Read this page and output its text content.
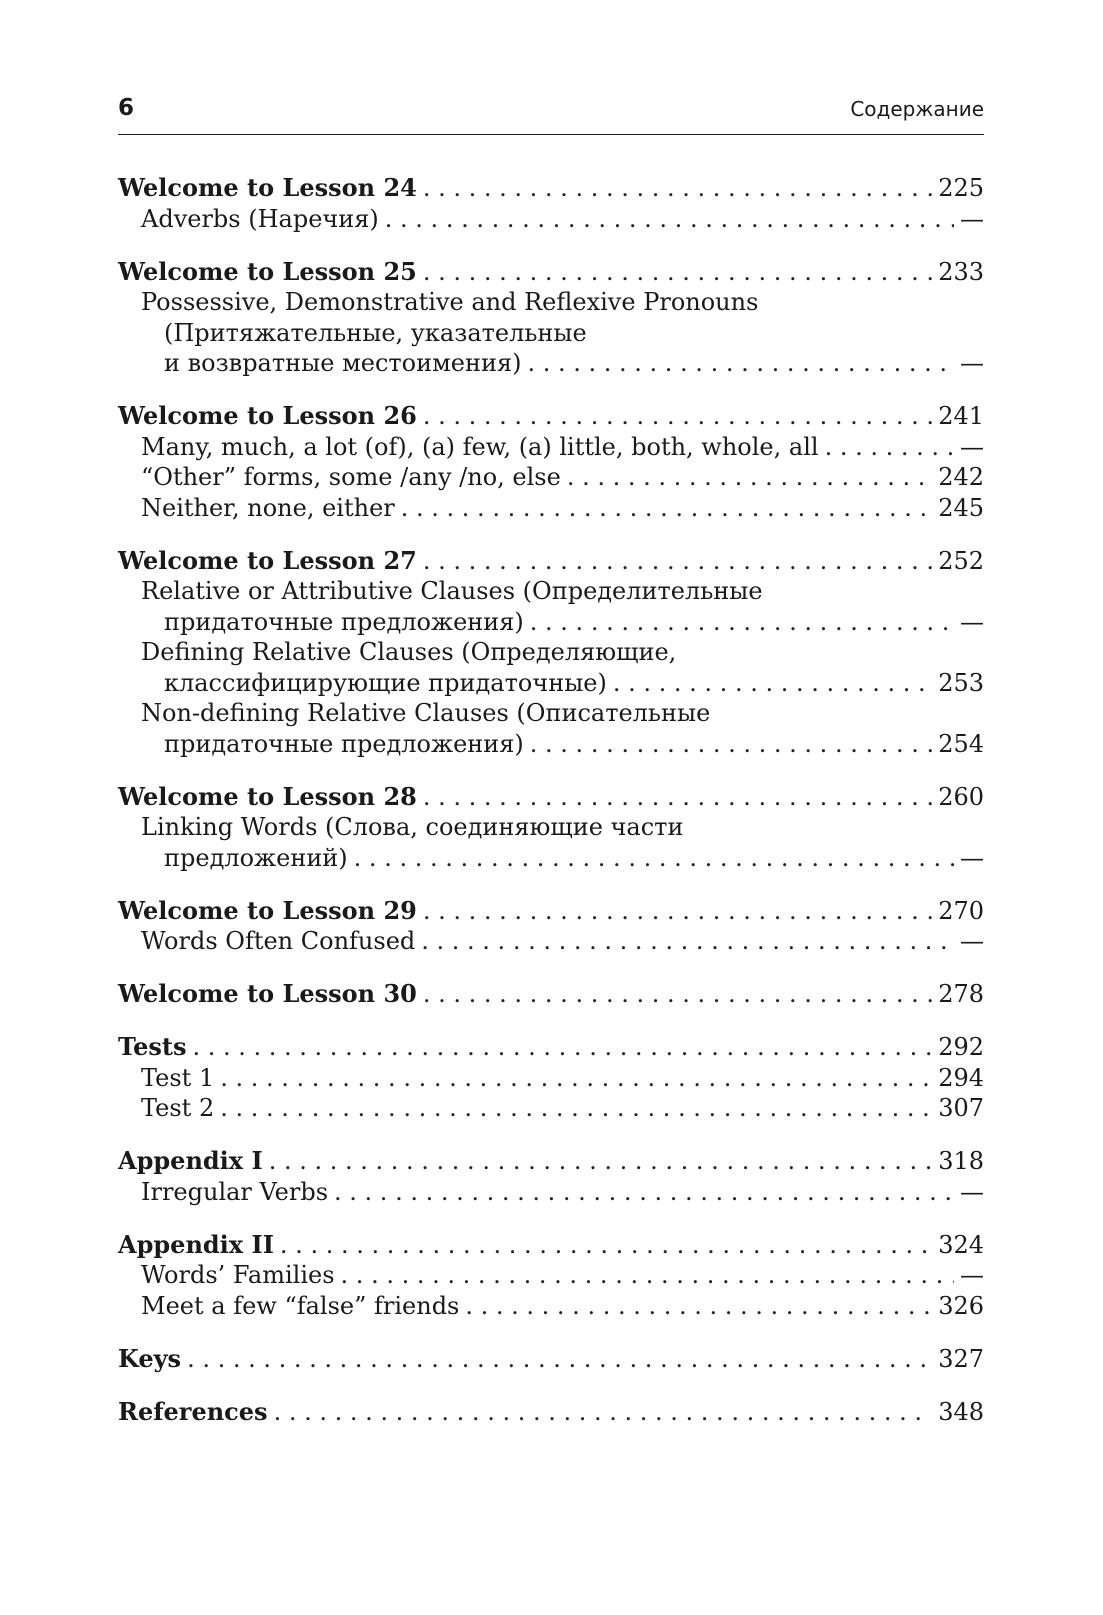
6	Содержание
Welcome to Lesson 24 . . .	225
Adverbs (Наречия) . . .	—
Welcome to Lesson 25 . . .	233
Possessive, Demonstrative and Reflexive Pronouns
(Притяжательные, указательные
и возвратные местоимения) . . .	—
Welcome to Lesson 26 . . .	241
Many, much, a lot (of), (a) few, (a) little, both, whole, all . . .	—
“Other” forms, some /any /no, else . . .	242
Neither, none, either . . .	245
Welcome to Lesson 27 . . .	252
Relative or Attributive Clauses (Определительные
придаточные предложения) . . .	—
Defining Relative Clauses (Определяющие,
классифицирующие придаточные) . . .	253
Non-defining Relative Clauses (Описательные
придаточные предложения) . . .	254
Welcome to Lesson 28 . . .	260
Linking Words (Слова, соединяющие части
предложений) . . .	—
Welcome to Lesson 29 . . .	270
Words Often Confused . . .	—
Welcome to Lesson 30 . . .	278
Tests . . .	292
Test 1 . . .	294
Test 2 . . .	307
Appendix I . . .	318
Irregular Verbs . . .	—
Appendix II . . .	324
Words’ Families . . .	—
Meet a few “false” friends . . .	326
Keys . . .	327
References . . .	348
